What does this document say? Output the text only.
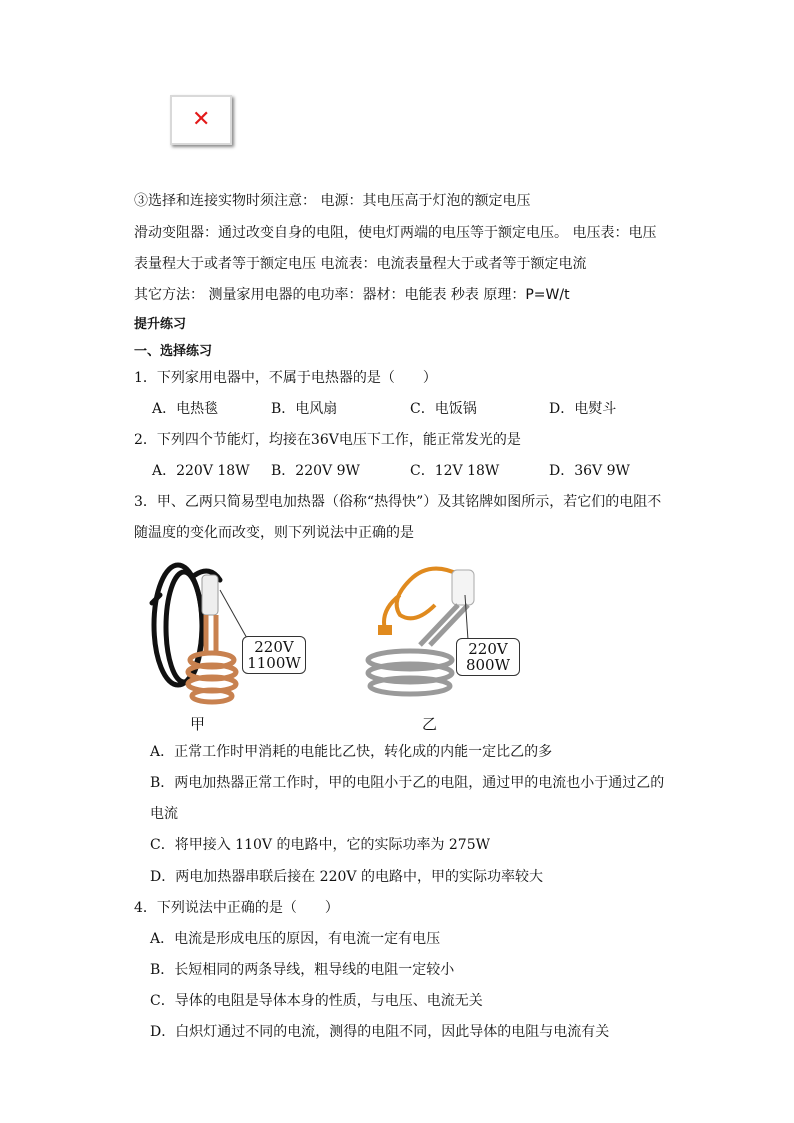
✕
③选择和连接实物时须注意： 电源：其电压高于灯泡的额定电压
滑动变阻器：通过改变自身的电阻，使电灯两端的电压等于额定电压。 电压表：电压
表量程大于或者等于额定电压 电流表：电流表量程大于或者等于额定电流
其它方法： 测量家用电器的电功率：器材：电能表 秒表 原理：P=W/t
提升练习
一、选择练习
1．下列家用电器中，不属于电热器的是（　　）
A．电热毯	B．电风扇	C．电饭锅	D．电熨斗
2．下列四个节能灯，均接在36V电压下工作，能正常发光的是
A．220V 18W B．220V 9W	C．12V 18W	D．36V 9W
3．甲、乙两只简易型电加热器（俗称“热得快”）及其铭牌如图所示，若它们的电阻不
随温度的变化而改变，则下列说法中正确的是
220V
1100W
甲
220V
800W
乙
A．正常工作时甲消耗的电能比乙快，转化成的内能一定比乙的多
B．两电加热器正常工作时，甲的电阻小于乙的电阻，通过甲的电流也小于通过乙的
电流
C．将甲接入 110V 的电路中，它的实际功率为 275W
D．两电加热器串联后接在 220V 的电路中，甲的实际功率较大
4．下列说法中正确的是（　　）
A．电流是形成电压的原因，有电流一定有电压
B．长短相同的两条导线，粗导线的电阻一定较小
C．导体的电阻是导体本身的性质，与电压、电流无关
D．白炽灯通过不同的电流，测得的电阻不同，因此导体的电阻与电流有关
